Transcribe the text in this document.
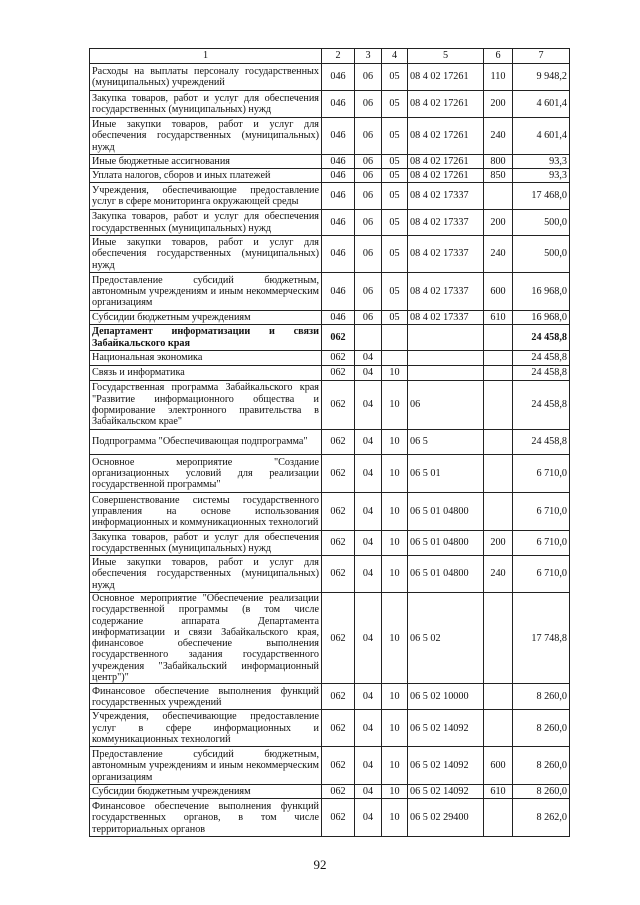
1	2	3	4	5	6	7
Расходы на выплаты персоналу государственных (муниципальных) учреждений	046	06	05	08 4 02 17261	110	9 948,2
Закупка товаров, работ и услуг для обеспечения государственных (муниципальных) нужд	046	06	05	08 4 02 17261	200	4 601,4
Иные закупки товаров, работ и услуг для обеспечения государственных (муниципальных) нужд	046	06	05	08 4 02 17261	240	4 601,4
Иные бюджетные ассигнования	046	06	05	08 4 02 17261	800	93,3
Уплата налогов, сборов и иных платежей	046	06	05	08 4 02 17261	850	93,3
Учреждения, обеспечивающие предоставление услуг в сфере мониторинга окружающей среды	046	06	05	08 4 02 17337		17 468,0
Закупка товаров, работ и услуг для обеспечения государственных (муниципальных) нужд	046	06	05	08 4 02 17337	200	500,0
Иные закупки товаров, работ и услуг для обеспечения государственных (муниципальных) нужд	046	06	05	08 4 02 17337	240	500,0
Предоставление субсидий бюджетным, автономным учреждениям и иным некоммерческим организациям	046	06	05	08 4 02 17337	600	16 968,0
Субсидии бюджетным учреждениям	046	06	05	08 4 02 17337	610	16 968,0
Департамент информатизации и связи Забайкальского края	062					24 458,8
Национальная экономика	062	04				24 458,8
Связь и информатика	062	04	10			24 458,8
Государственная программа Забайкальского края "Развитие информационного общества и формирование электронного правительства в Забайкальском крае"	062	04	10	06		24 458,8
Подпрограмма "Обеспечивающая подпрограмма"	062	04	10	06 5		24 458,8
Основное мероприятие "Создание организационных условий для реализации государственной программы"	062	04	10	06 5 01		6 710,0
Совершенствование системы государственного управления на основе использования информационных и коммуникационных технологий	062	04	10	06 5 01 04800		6 710,0
Закупка товаров, работ и услуг для обеспечения государственных (муниципальных) нужд	062	04	10	06 5 01 04800	200	6 710,0
Иные закупки товаров, работ и услуг для обеспечения государственных (муниципальных) нужд	062	04	10	06 5 01 04800	240	6 710,0
Основное мероприятие "Обеспечение реализации государственной программы (в том числе содержание аппарата Департамента информатизации и связи Забайкальского края, финансовое обеспечение выполнения государственного задания государственного учреждения "Забайкальский информационный центр")"	062	04	10	06 5 02		17 748,8
Финансовое обеспечение выполнения функций государственных учреждений	062	04	10	06 5 02 10000		8 260,0
Учреждения, обеспечивающие предоставление услуг в сфере информационных и коммуникационных технологий	062	04	10	06 5 02 14092		8 260,0
Предоставление субсидий бюджетным, автономным учреждениям и иным некоммерческим организациям	062	04	10	06 5 02 14092	600	8 260,0
Субсидии бюджетным учреждениям	062	04	10	06 5 02 14092	610	8 260,0
Финансовое обеспечение выполнения функций государственных органов, в том числе территориальных органов	062	04	10	06 5 02 29400		8 262,0
92
